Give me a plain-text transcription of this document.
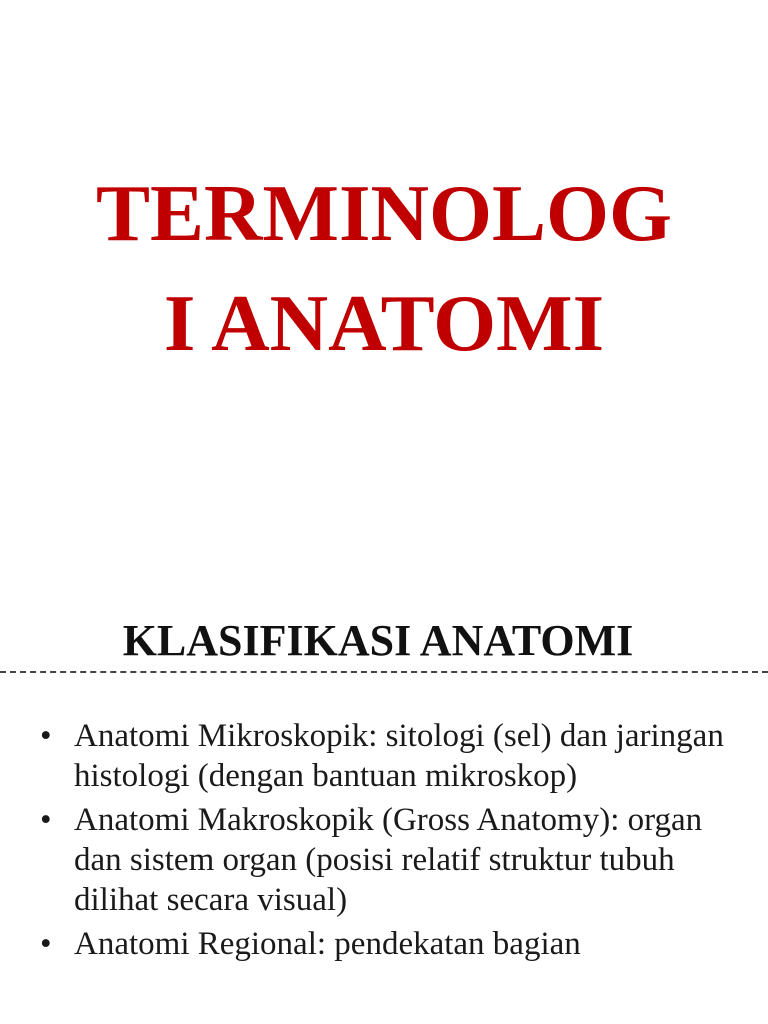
TERMINOLOG
I ANATOMI
KLASIFIKASI ANATOMI
• Anatomi Mikroskopik: sitologi (sel) dan jaringan histologi (dengan bantuan mikroskop)
• Anatomi Makroskopik (Gross Anatomy): organ dan sistem organ (posisi relatif struktur tubuh dilihat secara visual)
• Anatomi Regional: pendekatan bagian
